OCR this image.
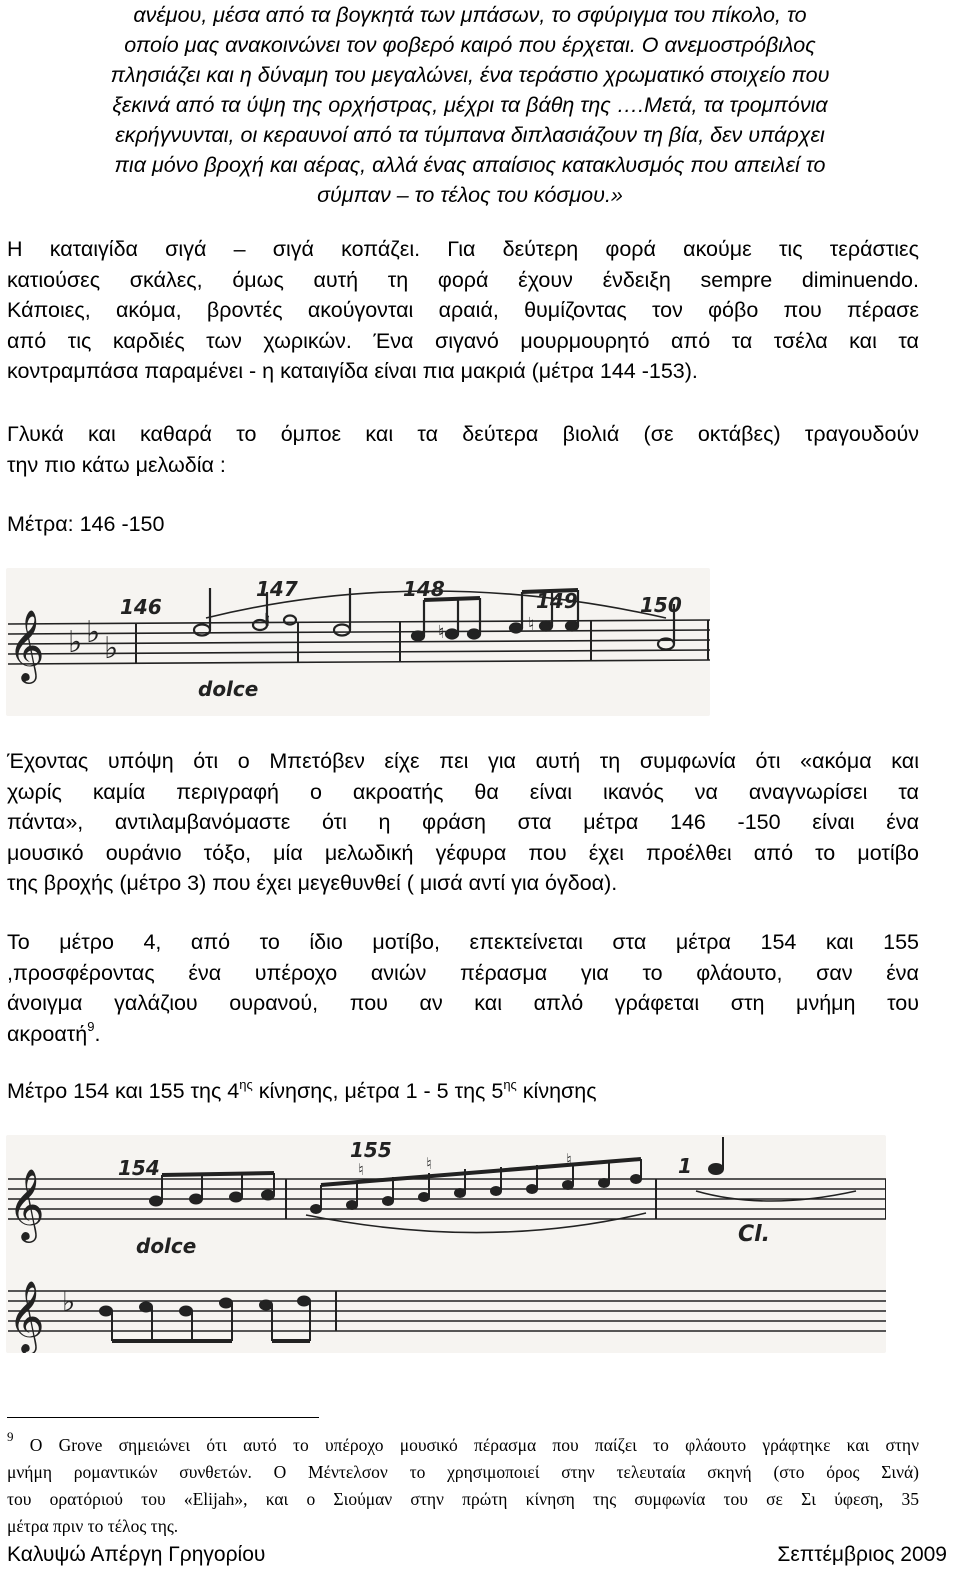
ανέμου, μέσα από τα βογκητά των μπάσων, το σφύριγμα του πίκολο, το

οποίο μας ανακοινώνει τον φοβερό καιρό που έρχεται. Ο ανεμοστρόβιλος

πλησιάζει και η δύναμη του μεγαλώνει, ένα τεράστιο χρωματικό στοιχείο που

ξεκινά από τα ύψη της ορχήστρας, μέχρι τα βάθη της ….Μετά, τα τρομπόνια

εκρήγνυνται, οι κεραυνοί από τα τύμπανα διπλασιάζουν τη βία, δεν υπάρχει

πια μόνο βροχή και αέρας, αλλά ένας απαίσιος κατακλυσμός που απειλεί το

σύμπαν – το τέλος του κόσμου.»

Η καταιγίδα σιγά – σιγά κοπάζει. Για δεύτερη φορά ακούμε τις τεράστιες
κατιούσες σκάλες, όμως αυτή τη φορά έχουν ένδειξη sempre diminuendo.
Κάποιες, ακόμα, βροντές ακούγονται αραιά, θυμίζοντας τον φόβο που πέρασε
από τις καρδιές των χωρικών. Ένα σιγανό μουρμουρητό από τα τσέλα και τα
κοντραμπάσα παραμένει - η καταιγίδα είναι πια μακριά (μέτρα 144 -153).
Γλυκά και καθαρά το όμποε και τα δεύτερα βιολιά (σε οκτάβες) τραγουδούν
την πιο κάτω μελωδία :

Μέτρα: 146 -150

𝄞 ♭ ♭ ♭
146
147	148	149	150
♮
♮	♮
dolce
Έχοντας υπόψη ότι ο Μπετόβεν είχε πει για αυτή τη συμφωνία ότι «ακόμα και
χωρίς καμία περιγραφή ο ακροατής θα είναι ικανός να αναγνωρίσει τα
πάντα», αντιλαμβανόμαστε ότι η φράση στα μέτρα 146 -150 είναι ένα
μουσικό ουράνιο τόξο, μία μελωδική γέφυρα που έχει προέλθει από το μοτίβο
της βροχής (μέτρο 3) που έχει μεγεθυνθεί ( μισά αντί για όγδοα).
Το μέτρο 4, από το ίδιο μοτίβο, επεκτείνεται στα μέτρα 154 και 155
,προσφέροντας ένα υπέροχο ανιών πέρασμα για το φλάουτο, σαν ένα
άνοιγμα γαλάζιου ουρανού, που αν και απλό γράφεται στη μνήμη του
ακροατή$^9$.

Μέτρο 154 και 155 της $4^{\eta\varsigma}$ κίνησης, μέτρα 1 - 5 της $5^{\eta\varsigma}$ κίνησης

𝄞
𝄞 ♭
154
155
1
dolce	Cl.
♮	♮	♮
$^9$ Ο Grove σημειώνει ότι αυτό το υπέροχο μουσικό πέρασμα που παίζει το φλάουτο γράφτηκε και στην
μνήμη ρομαντικών συνθετών. Ο Μέντελσον το χρησιμοποιεί στην τελευταία σκηνή (στο όρος Σινά)
του ορατόριού του «Elijah», και ο Σιούμαν στην πρώτη κίνηση της συμφωνία του σε Σι ύφεση, 35
μέτρα πριν το τέλος της.
Καλυψώ Απέργη Γρηγορίου	Σεπτέμβριος 2009
